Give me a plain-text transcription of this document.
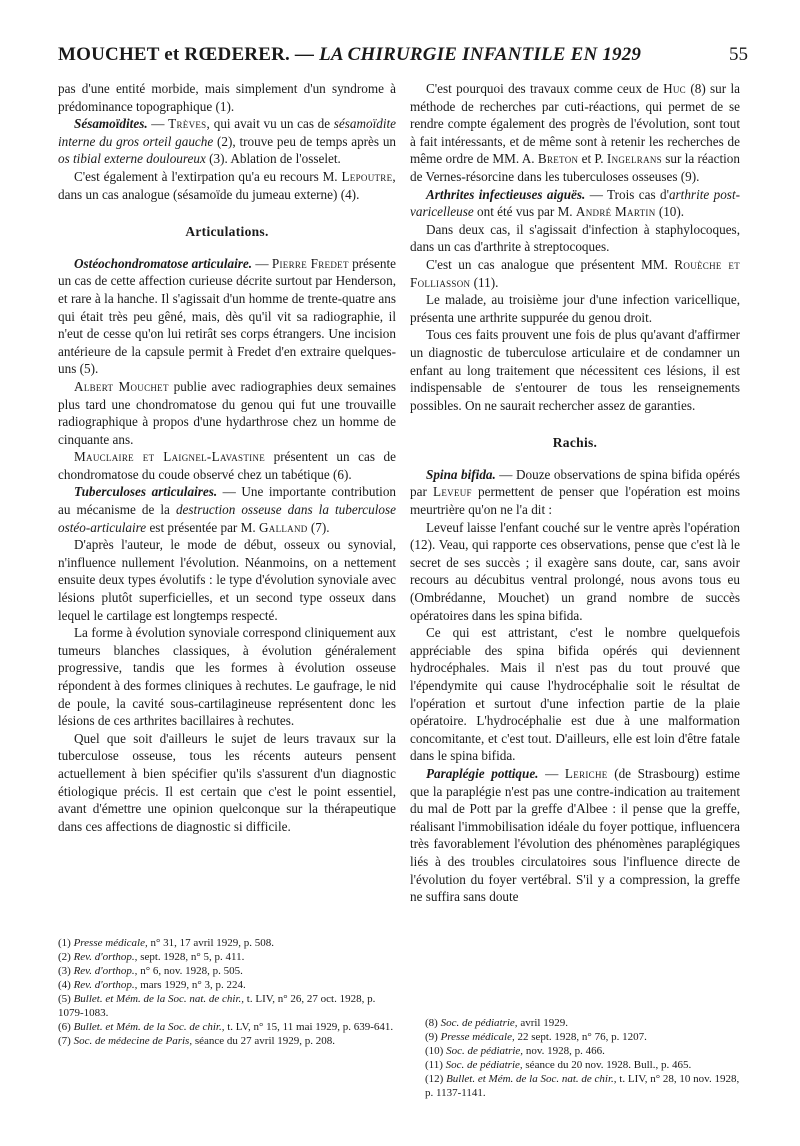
MOUCHET et RŒDERER. — LA CHIRURGIE INFANTILE EN 1929	55

pas d'une entité morbide, mais simplement d'un syndrome à prédominance topographique (1).

Sésamoïdites. — Trèves, qui avait vu un cas de sésamoïdite interne du gros orteil gauche (2), trouve peu de temps après un os tibial externe douloureux (3). Ablation de l'osselet.

C'est également à l'extirpation qu'a eu recours M. Lepoutre, dans un cas analogue (sésamoïde du jumeau externe) (4).

Articulations.

Ostéochondromatose articulaire. — Pierre Fredet présente un cas de cette affection curieuse décrite surtout par Henderson, et rare à la hanche. Il s'agissait d'un homme de trente-quatre ans qui était très peu gêné, mais, dès qu'il vit sa radiographie, il n'eut de cesse qu'on lui retirât ses corps étrangers. Une incision antérieure de la capsule permit à Fredet d'en extraire quelques-uns (5).

Albert Mouchet publie avec radiographies deux semaines plus tard une chondromatose du genou qui fut une trouvaille radiographique à propos d'une hydarthrose chez un homme de cinquante ans.

Mauclaire et Laignel-Lavastine présentent un cas de chondromatose du coude observé chez un tabétique (6).

Tuberculoses articulaires. — Une importante contribution au mécanisme de la destruction osseuse dans la tuberculose ostéo-articulaire est présentée par M. Galland (7).

D'après l'auteur, le mode de début, osseux ou synovial, n'influence nullement l'évolution. Néanmoins, on a nettement ensuite deux types évolutifs : le type d'évolution synoviale avec lésions plutôt superficielles, et un second type osseux dans lequel le cartilage est longtemps respecté.

La forme à évolution synoviale correspond cliniquement aux tumeurs blanches classiques, à évolution généralement progressive, tandis que les formes à évolution osseuse répondent à des formes cliniques à rechutes. Le gaufrage, le nid de poule, la cavité sous-cartilagineuse représentent donc les lésions de ces arthrites bacillaires à rechutes.

Quel que soit d'ailleurs le sujet de leurs travaux sur la tuberculose osseuse, tous les récents auteurs pensent actuellement à bien spécifier qu'ils s'assurent d'un diagnostic étiologique précis. Il est certain que c'est le point essentiel, avant d'émettre une opinion quelconque sur la thérapeutique dans ces affections de diagnostic si difficile.

C'est pourquoi des travaux comme ceux de Huc (8) sur la méthode de recherches par cuti-réactions, qui permet de se rendre compte également des progrès de l'évolution, sont tout à fait intéressants, et de même sont à retenir les recherches de même ordre de MM. A. Breton et P. Ingelrans sur la réaction de Vernes-résorcine dans les tuberculoses osseuses (9).

Arthrites infectieuses aiguës. — Trois cas d'arthrite post-varicelleuse ont été vus par M. André Martin (10).

Dans deux cas, il s'agissait d'infection à staphylocoques, dans un cas d'arthrite à streptocoques.

C'est un cas analogue que présentent MM. Rouèche et Folliasson (11).

Le malade, au troisième jour d'une infection varicellique, présenta une arthrite suppurée du genou droit.

Tous ces faits prouvent une fois de plus qu'avant d'affirmer un diagnostic de tuberculose articulaire et de condamner un enfant au long traitement que nécessitent ces lésions, il est indispensable de s'entourer de tous les renseignements possibles. On ne saurait rechercher assez de garanties.

Rachis.

Spina bifida. — Douze observations de spina bifida opérés par Leveuf permettent de penser que l'opération est moins meurtrière qu'on ne l'a dit :

Leveuf laisse l'enfant couché sur le ventre après l'opération (12). Veau, qui rapporte ces observations, pense que c'est là le secret de ses succès ; il exagère sans doute, car, sans avoir recours au décubitus ventral prolongé, nous avons tous eu (Ombrédanne, Mouchet) un grand nombre de succès opératoires dans les spina bifida.

Ce qui est attristant, c'est le nombre quelquefois appréciable des spina bifida opérés qui deviennent hydrocéphales. Mais il n'est pas du tout prouvé que l'épendymite qui cause l'hydrocéphalie soit le résultat de l'opération et surtout d'une infection partie de la plaie opératoire. L'hydrocéphalie est due à une malformation concomitante, et c'est tout. D'ailleurs, elle est loin d'être fatale dans le spina bifida.

Paraplégie pottique. — Leriche (de Strasbourg) estime que la paraplégie n'est pas une contre-indication au traitement du mal de Pott par la greffe d'Albee : il pense que la greffe, réalisant l'immobilisation idéale du foyer pottique, influencera très favorablement l'évolution des phénomènes paraplégiques liés à des troubles circulatoires sous l'influence directe de l'évolution du foyer vertébral. S'il y a compression, la greffe ne suffira sans doute

(1) Presse médicale, n° 31, 17 avril 1929, p. 508.
(2) Rev. d'orthop., sept. 1928, n° 5, p. 411.
(3) Rev. d'orthop., n° 6, nov. 1928, p. 505.
(4) Rev. d'orthop., mars 1929, n° 3, p. 224.
(5) Bullet. et Mém. de la Soc. nat. de chir., t. LIV, n° 26, 27 oct. 1928, p. 1079-1083.
(6) Bullet. et Mém. de la Soc. de chir., t. LV, n° 15, 11 mai 1929, p. 639-641.
(7) Soc. de médecine de Paris, séance du 27 avril 1929, p. 208.
(8) Soc. de pédiatrie, avril 1929.
(9) Presse médicale, 22 sept. 1928, n° 76, p. 1207.
(10) Soc. de pédiatrie, nov. 1928, p. 466.
(11) Soc. de pédiatrie, séance du 20 nov. 1928. Bull., p. 465.
(12) Bullet. et Mém. de la Soc. nat. de chir., t. LIV, n° 28, 10 nov. 1928, p. 1137-1141.
